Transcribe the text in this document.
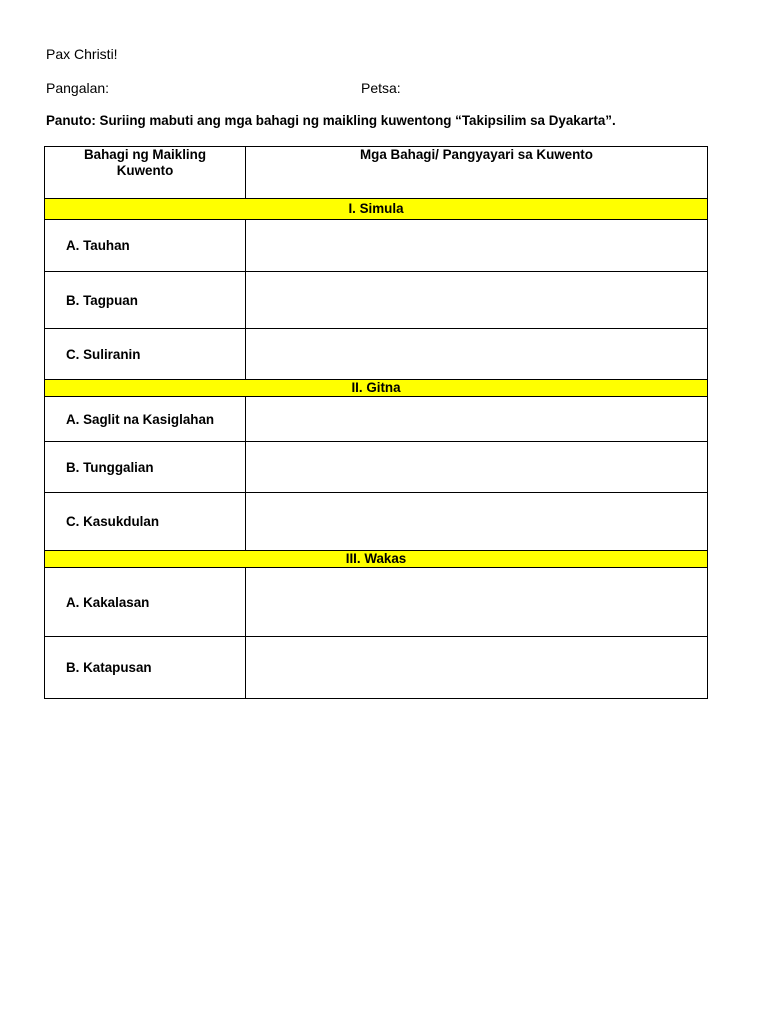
Pax Christi!
Pangalan:	Petsa:
Panuto: Suriing mabuti ang mga bahagi ng maikling kuwentong “Takipsilim sa Dyakarta”.
Bahagi ng Maikling Kuwento	Mga Bahagi/ Pangyayari sa Kuwento
I. Simula	
A. Tauhan	
B. Tagpuan	
C. Suliranin	
II. Gitna	
A. Saglit na Kasiglahan	
B. Tunggalian	
C. Kasukdulan	
III. Wakas	
A. Kakalasan	
B. Katapusan	
